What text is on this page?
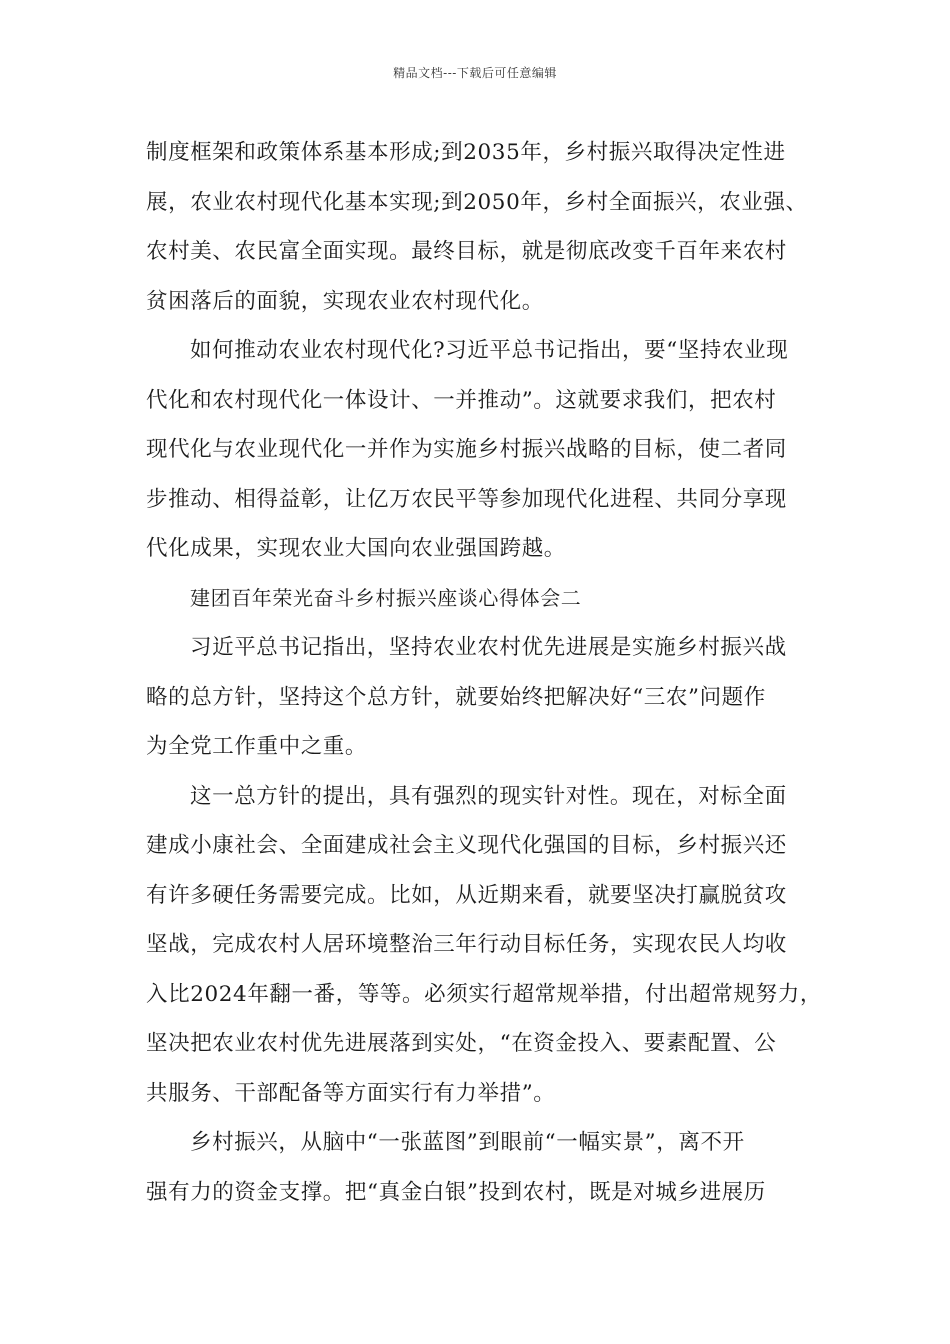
精品文档---下载后可任意编辑
制度框架和政策体系基本形成;到2035年，乡村振兴取得决定性进
展，农业农村现代化基本实现;到2050年，乡村全面振兴，农业强、
农村美、农民富全面实现。最终目标，就是彻底改变千百年来农村
贫困落后的面貌，实现农业农村现代化。
如何推动农业农村现代化?习近平总书记指出，要“坚持农业现
代化和农村现代化一体设计、一并推动”。这就要求我们，把农村
现代化与农业现代化一并作为实施乡村振兴战略的目标，使二者同
步推动、相得益彰，让亿万农民平等参加现代化进程、共同分享现
代化成果，实现农业大国向农业强国跨越。
建团百年荣光奋斗乡村振兴座谈心得体会二
习近平总书记指出，坚持农业农村优先进展是实施乡村振兴战
略的总方针，坚持这个总方针，就要始终把解决好“三农”问题作
为全党工作重中之重。
这一总方针的提出，具有强烈的现实针对性。现在，对标全面
建成小康社会、全面建成社会主义现代化强国的目标，乡村振兴还
有许多硬任务需要完成。比如，从近期来看，就要坚决打赢脱贫攻
坚战，完成农村人居环境整治三年行动目标任务，实现农民人均收
入比2024年翻一番，等等。必须实行超常规举措，付出超常规努力，
坚决把农业农村优先进展落到实处，“在资金投入、要素配置、公
共服务、干部配备等方面实行有力举措”。
乡村振兴，从脑中“一张蓝图”到眼前“一幅实景”，离不开
强有力的资金支撑。把“真金白银”投到农村，既是对城乡进展历
